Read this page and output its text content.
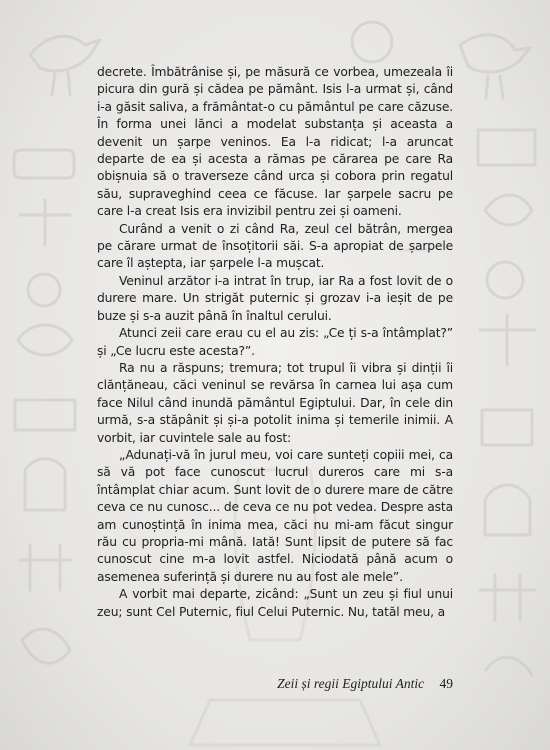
decrete. Îmbătrânise și, pe măsură ce vorbea, umezeala îi picura din gură și cădea pe pământ. Isis l-a urmat și, când i-a găsit saliva, a frământat-o cu pământul pe care căzuse. În forma unei lănci a modelat substanța și aceasta a devenit un șarpe veninos. Ea l-a ridicat; l-a aruncat departe de ea și acesta a rămas pe cărarea pe care Ra obișnuia să o traverseze când urca și cobora prin regatul său, supraveghind ceea ce făcuse. Iar șarpele sacru pe care l-a creat Isis era invizibil pentru zei și oameni.

Curând a venit o zi când Ra, zeul cel bătrân, mergea pe cărare urmat de însoțitorii săi. S-a apropiat de șarpele care îl aștepta, iar șarpele l-a mușcat.

Veninul arzător i-a intrat în trup, iar Ra a fost lovit de o durere mare. Un strigăt puternic și grozav i-a ieșit de pe buze și s-a auzit până în înaltul cerului.

Atunci zeii care erau cu el au zis: „Ce ți s-a întâmplat?” și „Ce lucru este acesta?”.

Ra nu a răspuns; tremura; tot trupul îi vibra și dinții îi clănțăneau, căci veninul se revărsa în carnea lui așa cum face Nilul când inundă pământul Egiptului. Dar, în cele din urmă, s-a stăpânit și și-a potolit inima și temerile inimii. A vorbit, iar cuvintele sale au fost:

„Adunați-vă în jurul meu, voi care sunteți copiii mei, ca să vă pot face cunoscut lucrul dureros care mi s-a întâmplat chiar acum. Sunt lovit de o durere mare de către ceva ce nu cunosc... de ceva ce nu pot vedea. Despre asta am cunoștință în inima mea, căci nu mi-am făcut singur rău cu propria-mi mână. Iată! Sunt lipsit de putere să fac cunoscut cine m-a lovit astfel. Niciodată până acum o asemenea suferință și durere nu au fost ale mele”.

A vorbit mai departe, zicând: „Sunt un zeu și fiul unui zeu; sunt Cel Puternic, fiul Celui Puternic. Nu, tatăl meu, a

Zeii și regii Egiptului Antic 49
